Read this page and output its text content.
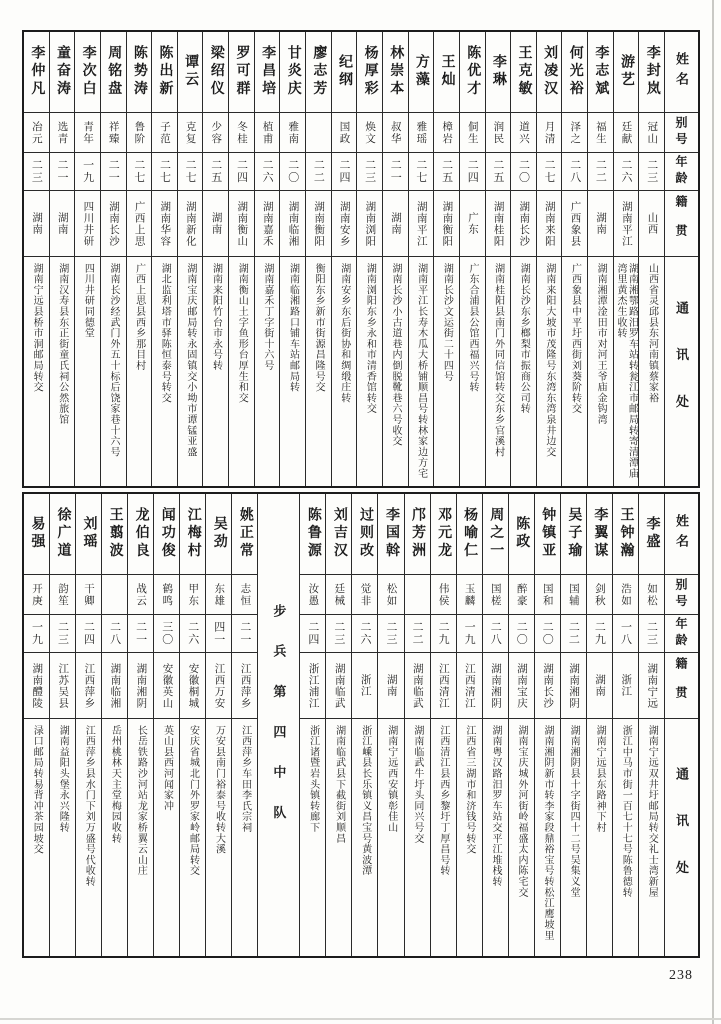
姓名
别号
年龄
籍贯
通讯处
李封岚
冠山
二三
山西
山西省灵邱县东河南镇蔡家裕
游艺
廷献
二六
湖南平江
湖南湘鄂路汨罗车站转瓮江市邮局转寄清潭庙湾里黄杰生收转
李志斌
福生
二二
湖南
湖南湘潭淦田市对河王爷庙金钩湾
何光裕
泽之
二八
广西象县
广西象县中平圩西街刘葵阶转交
刘凌汉
月清
二七
湖南来阳
湖南来阳大坡市茂隆号东湾东湾泉井边交
王克敏
道兴
二〇
湖南长沙
湖南长沙东乡榔梨市振商公司转
李琳
润民
二五
湖南桂阳
湖南桂阳县南门外同信馆转交东乡官溪村
陈优才
侗生
二四
广东
广东合浦县公馆西福兴号转
王灿
樟岩
二五
湖南衡阳
湖南长沙文运街二十四号
方藻
雅瑶
二七
湖南平江
湖南平江长寿木瓜大桥铺顺昌号转林家边方宅
林崇本
叔华
二一
湖南
湖南长沙小古道巷内倒脱靴巷六号收交
杨厚彩
焕文
二三
湖南浏阳
湖南浏阳东乡永和市清香馆转交
纪纲
国政
二四
湖南安乡
湖南安乡东后街协和绸缎庄转
廖志芳
二二
湖南衡阳
衡阳东乡新市街源昌隆号交
甘炎庆
雅南
二〇
湖南临湘
湖南临湘路口铺车站邮局转
李昌培
植甫
二六
湖南嘉禾
湖南嘉禾丁字街十六号
罗可群
冬桂
二四
湖南衡山
湖南衡山土字鱼形台厚生和交
梁绍仪
少容
二五
湖南
湖南来阳竹台市永号转
谭云
克复
二七
湖南新化
湖南宝庆邮局转永固镇交小坳市谭锰亚盛
陈出新
子范
二七
湖南华容
湖北监利塔市驿陈恒泰号转交
陈势涛
鲁阶
二七
广西上思
广西上思县西乡那目村
周铭盘
祥臻
二一
湖南长沙
湖南长沙经武门外五十标后饶家巷十六号
李次白
青年
一九
四川井研
四川井研同德堂
童奋涛
选青
二一
湖南
湖南汉寿县东正街童氏祠公然旅馆
李仲凡
冶元
二三
湖南
湖南宁远县桥市洞邮局转交
姓名
别号
年龄
籍贯
通讯处
李盛
如松
二三
湖南宁远
湖南宁远双井圩邮局转交礼士湾新屋
王钟瀚
浩如
一八
浙江
浙江中马市街一百七十七号陈鲁德转
李翼谋
剑秋
二九
湖南
湖南宁远县东路神下村
吴子瑜
国辅
二二
湖南湘阴
湖南湘阴县十字街四十二号吴集义堂
钟镇亚
国和
二〇
湖南长沙
湖南湘阴新市转李家段鼎裕宝号转松江鹰坡里
陈政
醉豪
二〇
湖南宝庆
湖南宝庆城外河街岭福盛太内陈宅交
周之一
国槎
二八
湖南湘阴
湖南粤汉路汨罗车站交平江堆栈转
杨喻仁
玉麟
一九
江西清江
江西省三湖市和济钱号转交
邓元龙
伟侯
二九
江西清江
江西清江县西乡黎圩丁厚昌号转
邝芳洲
二二
湖南临武
湖南临武牛圩头同兴号交
李国斡
松如
二三
湖南
湖南宁远西安镇彰佳山
过则改
觉非
二六
浙江
浙江嵊县长乐镇义昌宝号黄波潭
刘吉汉
廷械
二三
湖南临武
湖南临武县下截街刘顺昌
陈鲁源
汝愚
二四
浙江浦江
浙江诸暨岩头镇转廊下
步兵第四中队
姚正常
志恒
二一
江西萍乡
江西萍乡车田李氏宗祠
吴劲
东雄
四一
江西万安
万安县南门裕泰号收转大溪
江梅村
甲东
二六
安徽桐城
安庆省城北门外罗家岭邮局转交
闻功俊
鹤鸣
三〇
安徽英山
英山县西河闻家冲
龙伯良
战云
二一
湖南湘阴
长岳铁路沙河站龙家桥翼云山庄
王翦波
二八
湖南临湘
岳州桃林天主堂梅园收转
刘瑶
干卿
二四
江西萍乡
江西萍乡县水门下刘万盛号代收转
徐广道
韵笙
二三
江苏吴县
湖南益阳头堡永兴隆转
易强
开庚
一九
湖南醴陵
渌口邮局转易背冲茶园坡交
238
